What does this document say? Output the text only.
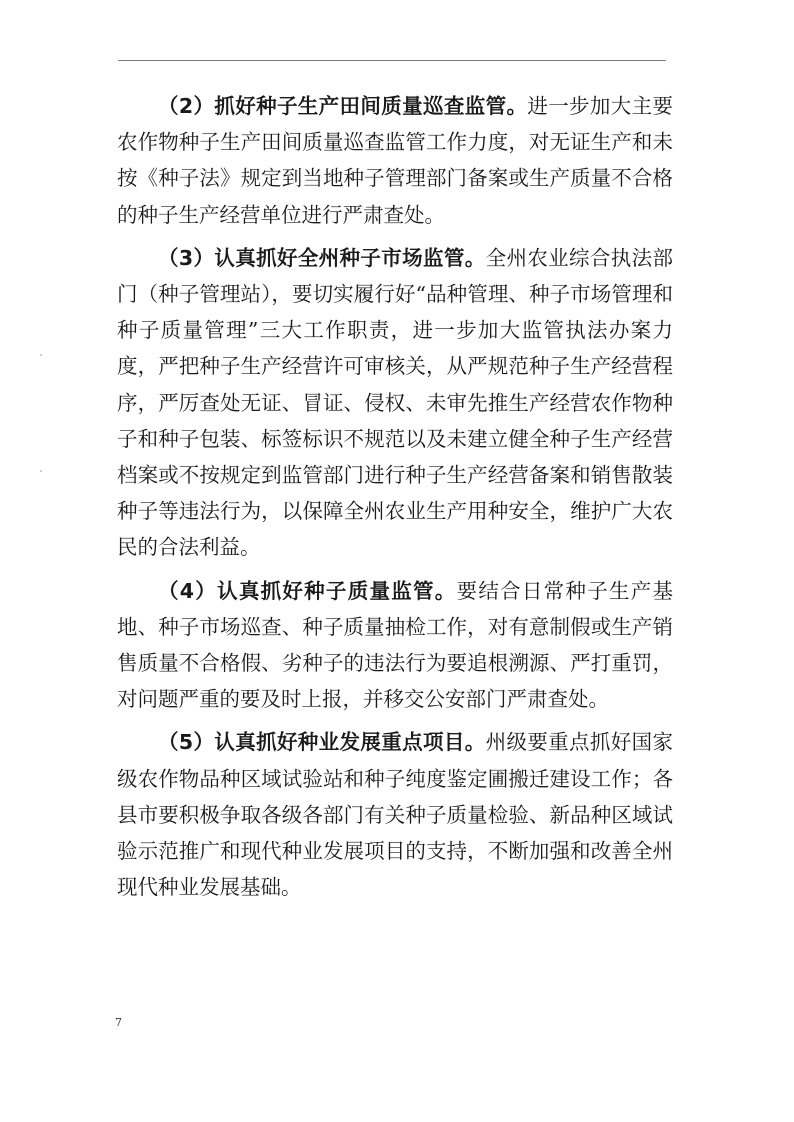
（2）抓好种子生产田间质量巡查监管。进一步加大主要农作物种子生产田间质量巡查监管工作力度，对无证生产和未按《种子法》规定到当地种子管理部门备案或生产质量不合格的种子生产经营单位进行严肃查处。

（3）认真抓好全州种子市场监管。全州农业综合执法部门（种子管理站），要切实履行好“品种管理、种子市场管理和种子质量管理”三大工作职责，进一步加大监管执法办案力度，严把种子生产经营许可审核关，从严规范种子生产经营程序，严厉查处无证、冒证、侵权、未审先推生产经营农作物种子和种子包装、标签标识不规范以及未建立健全种子生产经营档案或不按规定到监管部门进行种子生产经营备案和销售散装种子等违法行为，以保障全州农业生产用种安全，维护广大农民的合法利益。

（4）认真抓好种子质量监管。要结合日常种子生产基地、种子市场巡查、种子质量抽检工作，对有意制假或生产销售质量不合格假、劣种子的违法行为要追根溯源、严打重罚，对问题严重的要及时上报，并移交公安部门严肃查处。

（5）认真抓好种业发展重点项目。州级要重点抓好国家级农作物品种区域试验站和种子纯度鉴定圃搬迁建设工作；各县市要积极争取各级各部门有关种子质量检验、新品种区域试验示范推广和现代种业发展项目的支持，不断加强和改善全州现代种业发展基础。

7
